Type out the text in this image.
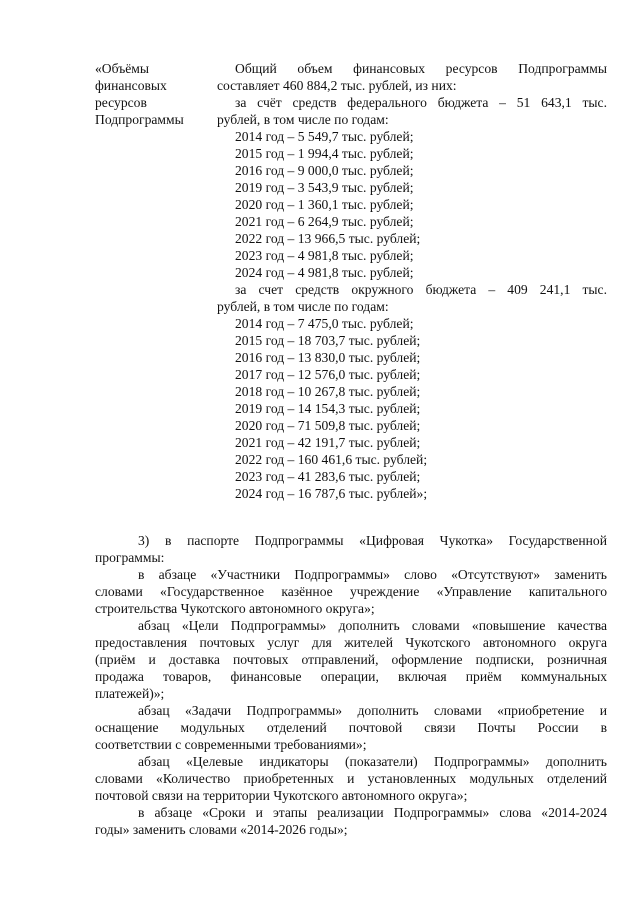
«Объёмы
финансовых
ресурсов
Подпрограммы
Общий объем финансовых ресурсов Подпрограммы
составляет 460 884,2 тыс. рублей, из них:
за счёт средств федерального бюджета – 51 643,1 тыс.
рублей, в том числе по годам:
2014 год – 5 549,7 тыс. рублей;
2015 год – 1 994,4 тыс. рублей;
2016 год – 9 000,0 тыс. рублей;
2019 год – 3 543,9 тыс. рублей;
2020 год – 1 360,1 тыс. рублей;
2021 год – 6 264,9 тыс. рублей;
2022 год – 13 966,5 тыс. рублей;
2023 год – 4 981,8 тыс. рублей;
2024 год – 4 981,8 тыс. рублей;
за счет средств окружного бюджета – 409 241,1 тыс.
рублей, в том числе по годам:
2014 год – 7 475,0 тыс. рублей;
2015 год – 18 703,7 тыс. рублей;
2016 год – 13 830,0 тыс. рублей;
2017 год – 12 576,0 тыс. рублей;
2018 год – 10 267,8 тыс. рублей;
2019 год – 14 154,3 тыс. рублей;
2020 год – 71 509,8 тыс. рублей;
2021 год – 42 191,7 тыс. рублей;
2022 год – 160 461,6 тыс. рублей;
2023 год – 41 283,6 тыс. рублей;
2024 год – 16 787,6 тыс. рублей»;
3) в паспорте Подпрограммы «Цифровая Чукотка» Государственной
программы:
в абзаце «Участники Подпрограммы» слово «Отсутствуют» заменить
словами «Государственное казённое учреждение «Управление капитального
строительства Чукотского автономного округа»;
абзац «Цели Подпрограммы» дополнить словами «повышение качества
предоставления почтовых услуг для жителей Чукотского автономного округа
(приём и доставка почтовых отправлений, оформление подписки, розничная
продажа товаров, финансовые операции, включая приём коммунальных
платежей)»;
абзац «Задачи Подпрограммы» дополнить словами «приобретение и
оснащение модульных отделений почтовой связи Почты России в
соответствии с современными требованиями»;
абзац «Целевые индикаторы (показатели) Подпрограммы» дополнить
словами «Количество приобретенных и установленных модульных отделений
почтовой связи на территории Чукотского автономного округа»;
в абзаце «Сроки и этапы реализации Подпрограммы» слова «2014-2024
годы» заменить словами «2014-2026 годы»;
